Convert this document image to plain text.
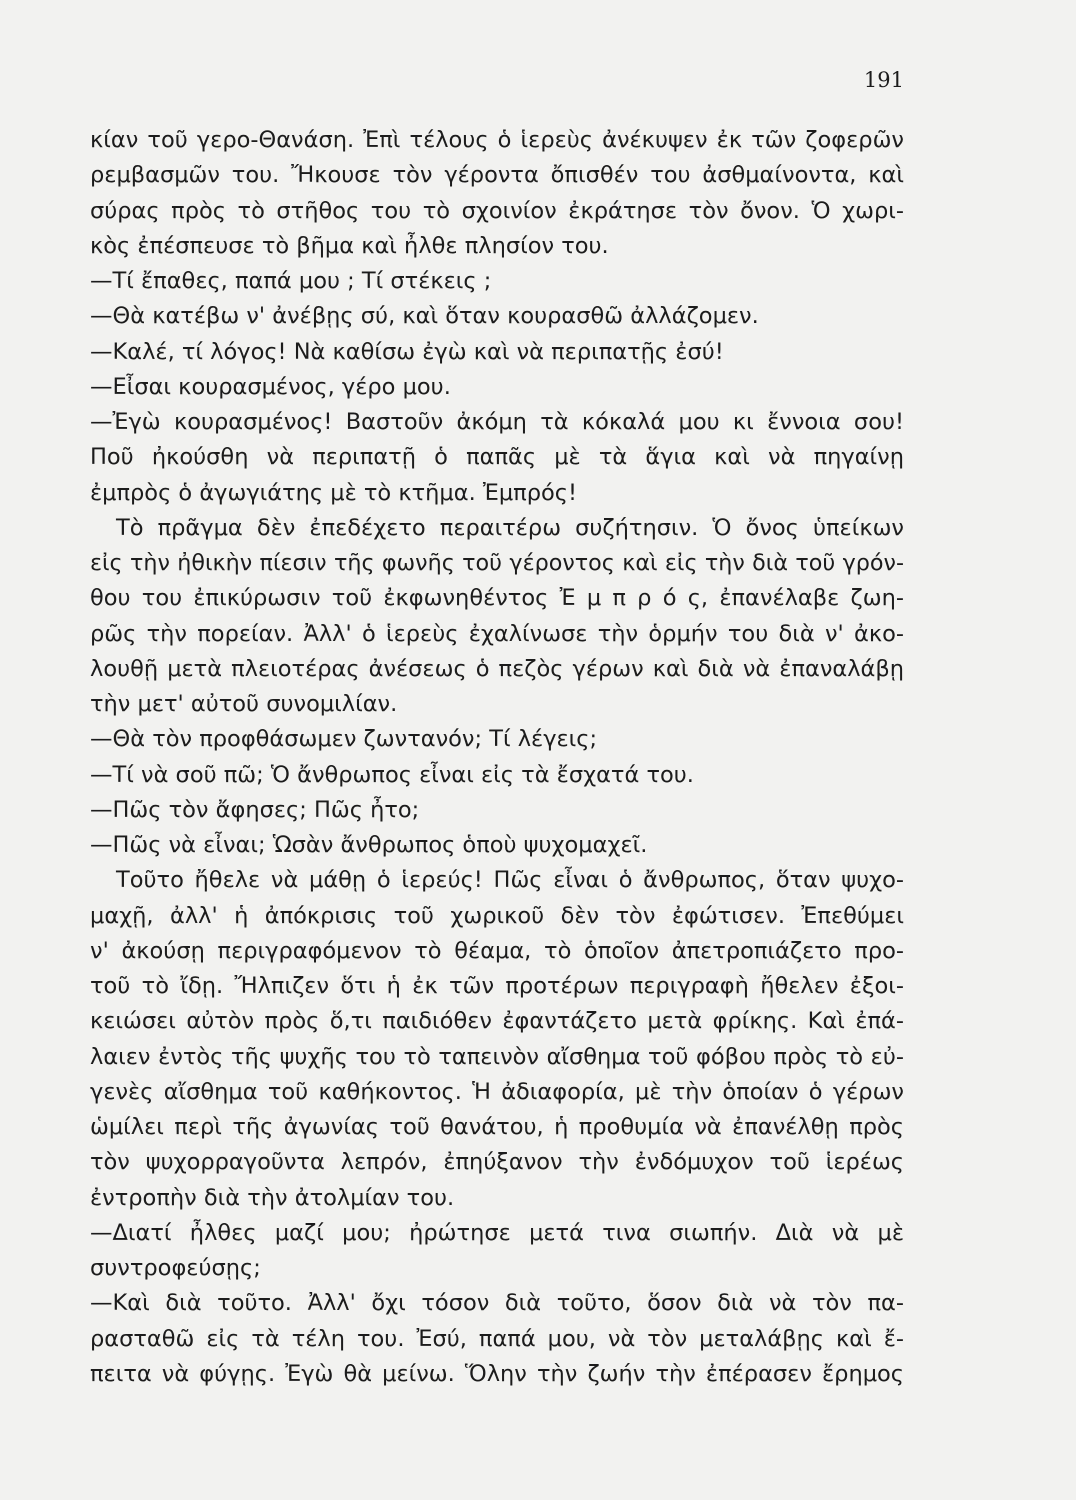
191
κίαν τοῦ γερο-Θανάση. Ἐπὶ τέλους ὁ ἱερεὺς ἀνέκυψεν ἐκ τῶν ζοφερῶν
ρεμβασμῶν του. Ἤκουσε τὸν γέροντα ὄπισθέν του ἀσθμαίνοντα, καὶ
σύρας πρὸς τὸ στῆθος του τὸ σχοινίον ἐκράτησε τὸν ὄνον. Ὁ χωρι-
κὸς ἐπέσπευσε τὸ βῆμα καὶ ἦλθε πλησίον του.
—Τί ἔπαθες, παπά μου ; Τί στέκεις ;
—Θὰ κατέβω ν' ἀνέβῃς σύ, καὶ ὅταν κουρασθῶ ἀλλάζομεν.
—Καλέ, τί λόγος! Νὰ καθίσω ἐγὼ καὶ νὰ περιπατῇς ἐσύ!
—Εἶσαι κουρασμένος, γέρο μου.
—Ἐγὼ κουρασμένος! Βαστοῦν ἀκόμη τὰ κόκαλά μου κι ἔννοια σου!
Ποῦ ἠκούσθη νὰ περιπατῇ ὁ παπᾶς μὲ τὰ ἅγια καὶ νὰ πηγαίνῃ
ἐμπρὸς ὁ ἀγωγιάτης μὲ τὸ κτῆμα. Ἐμπρός!
Τὸ πρᾶγμα δὲν ἐπεδέχετο περαιτέρω συζήτησιν. Ὁ ὄνος ὑπείκων
εἰς τὴν ἠθικὴν πίεσιν τῆς φωνῆς τοῦ γέροντος καὶ εἰς τὴν διὰ τοῦ γρόν-
θου του ἐπικύρωσιν τοῦ ἐκφωνηθέντος Ἐ μ π ρ ό ς, ἐπανέλαβε ζωη-
ρῶς τὴν πορείαν. Ἀλλ' ὁ ἱερεὺς ἐχαλίνωσε τὴν ὁρμήν του διὰ ν' ἀκο-
λουθῇ μετὰ πλειοτέρας ἀνέσεως ὁ πεζὸς γέρων καὶ διὰ νὰ ἐπαναλάβῃ
τὴν μετ' αὐτοῦ συνομιλίαν.
—Θὰ τὸν προφθάσωμεν ζωντανόν; Τί λέγεις;
—Τί νὰ σοῦ πῶ; Ὁ ἄνθρωπος εἶναι εἰς τὰ ἔσχατά του.
—Πῶς τὸν ἄφησες; Πῶς ἦτο;
—Πῶς νὰ εἶναι; Ὡσὰν ἄνθρωπος ὁποὺ ψυχομαχεῖ.
Τοῦτο ἤθελε νὰ μάθῃ ὁ ἱερεύς! Πῶς εἶναι ὁ ἄνθρωπος, ὅταν ψυχο-
μαχῇ, ἀλλ' ἡ ἀπόκρισις τοῦ χωρικοῦ δὲν τὸν ἐφώτισεν. Ἐπεθύμει
ν' ἀκούσῃ περιγραφόμενον τὸ θέαμα, τὸ ὁποῖον ἀπετροπιάζετο προ-
τοῦ τὸ ἴδῃ. Ἤλπιζεν ὅτι ἡ ἐκ τῶν προτέρων περιγραφὴ ἤθελεν ἐξοι-
κειώσει αὐτὸν πρὸς ὅ,τι παιδιόθεν ἐφαντάζετο μετὰ φρίκης. Καὶ ἐπά-
λαιεν ἐντὸς τῆς ψυχῆς του τὸ ταπεινὸν αἴσθημα τοῦ φόβου πρὸς τὸ εὐ-
γενὲς αἴσθημα τοῦ καθήκοντος. Ἡ ἀδιαφορία, μὲ τὴν ὁποίαν ὁ γέρων
ὡμίλει περὶ τῆς ἀγωνίας τοῦ θανάτου, ἡ προθυμία νὰ ἐπανέλθῃ πρὸς
τὸν ψυχορραγοῦντα λεπρόν, ἐπηύξανον τὴν ἐνδόμυχον τοῦ ἱερέως
ἐντροπὴν διὰ τὴν ἀτολμίαν του.
—Διατί ἦλθες μαζί μου; ἠρώτησε μετά τινα σιωπήν. Διὰ νὰ μὲ
συντροφεύσῃς;
—Καὶ διὰ τοῦτο. Ἀλλ' ὄχι τόσον διὰ τοῦτο, ὅσον διὰ νὰ τὸν πα-
ρασταθῶ εἰς τὰ τέλη του. Ἐσύ, παπά μου, νὰ τὸν μεταλάβῃς καὶ ἔ-
πειτα νὰ φύγῃς. Ἐγὼ θὰ μείνω. Ὅλην τὴν ζωήν τὴν ἐπέρασεν ἔρημος
